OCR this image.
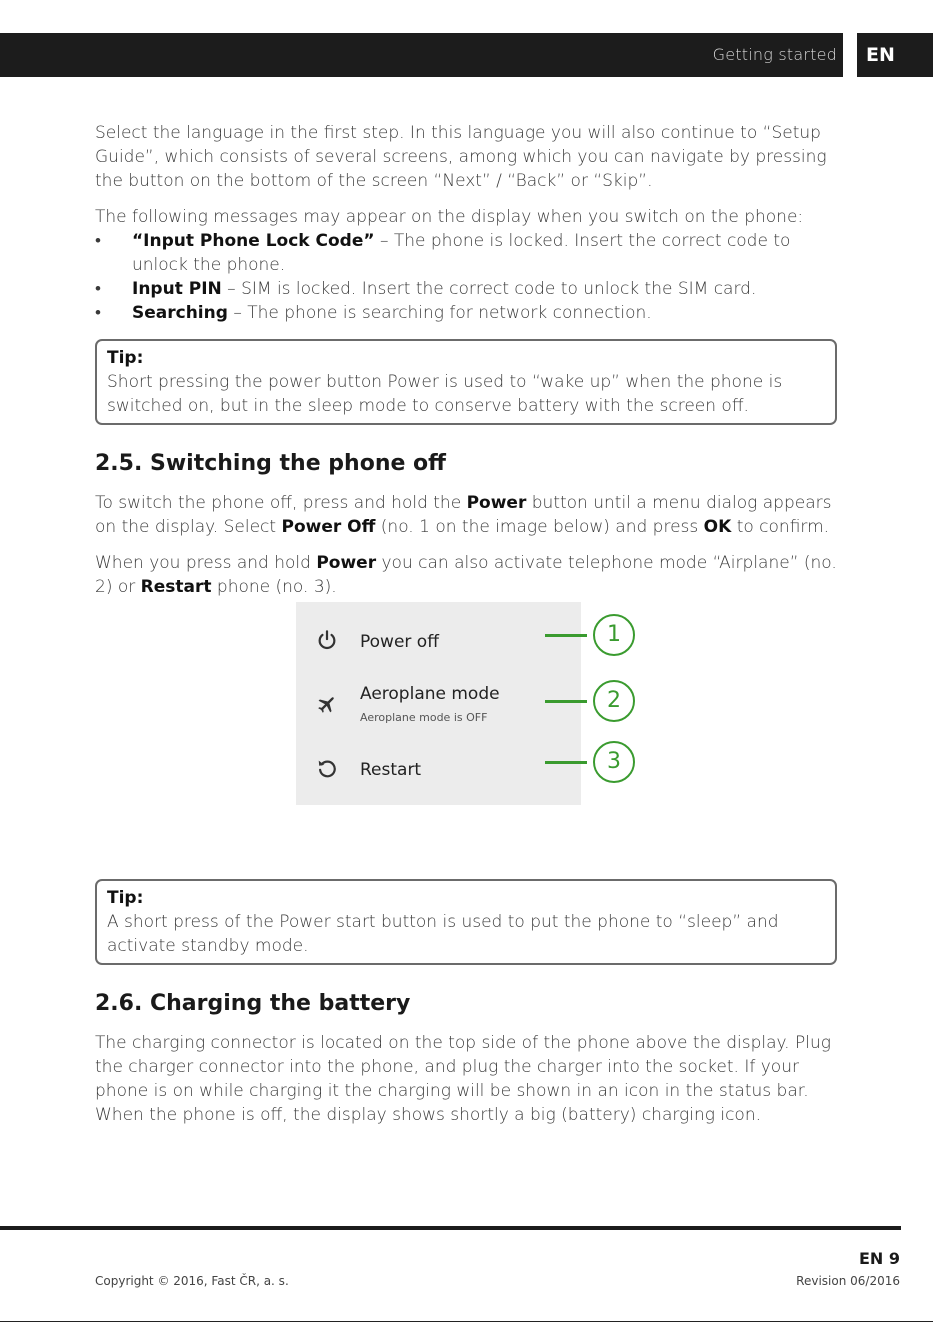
Getting started EN

Select the language in the first step. In this language you will also continue to “Setup Guide”, which consists of several screens, among which you can navigate by pressing the button on the bottom of the screen “Next” / “Back” or “Skip”.

The following messages may appear on the display when you switch on the phone:

• “Input Phone Lock Code” – The phone is locked. Insert the correct code to unlock the phone.
• Input PIN – SIM is locked. Insert the correct code to unlock the SIM card.
• Searching – The phone is searching for network connection.
Tip:
Short pressing the power button Power is used to “wake up” when the phone is switched on, but in the sleep mode to conserve battery with the screen off.
2.5. Switching the phone off

To switch the phone off, press and hold the Power button until a menu dialog appears on the display. Select Power Off (no. 1 on the image below) and press OK to confirm.

When you press and hold Power you can also activate telephone mode “Airplane” (no. 2) or Restart phone (no. 3).

Power off
Aeroplane mode
Aeroplane mode is OFF
Restart
1
2
3
Tip:
A short press of the Power start button is used to put the phone to “sleep” and activate standby mode.
2.6. Charging the battery

The charging connector is located on the top side of the phone above the display. Plug the charger connector into the phone, and plug the charger into the socket. If your phone is on while charging it the charging will be shown in an icon in the status bar. When the phone is off, the display shows shortly a big (battery) charging icon.

EN 9
Copyright © 2016, Fast ČR, a. s.	Revision 06/2016
